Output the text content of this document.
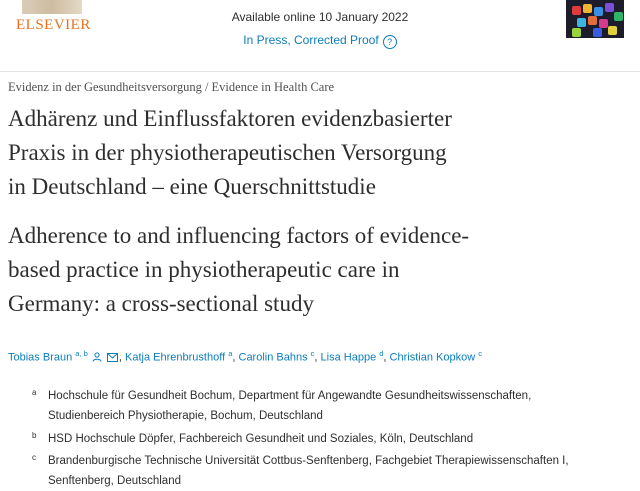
ELSEVIER	Available online 10 January 2022
In Press, Corrected Proof ?
Evidenz in der Gesundheitsversorgung / Evidence in Health Care
Adhärenz und Einflussfaktoren evidenzbasierter
Praxis in der physiotherapeutischen Versorgung
in Deutschland – eine Querschnittstudie
Adherence to and influencing factors of evidence-
based practice in physiotherapeutic care in
Germany: a cross-sectional study
Tobias Braun $^{a, b}$	, Katja Ehrenbrusthoff $^a$, Carolin Bahns $^c$, Lisa Happe $^d$, Christian Kopkow $^c$
a Hochschule für Gesundheit Bochum, Department für Angewandte Gesundheitswissenschaften,
Studienbereich Physiotherapie, Bochum, Deutschland
b HSD Hochschule Döpfer, Fachbereich Gesundheit und Soziales, Köln, Deutschland
c Brandenburgische Technische Universität Cottbus-Senftenberg, Fachgebiet Therapiewissenschaften I,
Senftenberg, Deutschland
